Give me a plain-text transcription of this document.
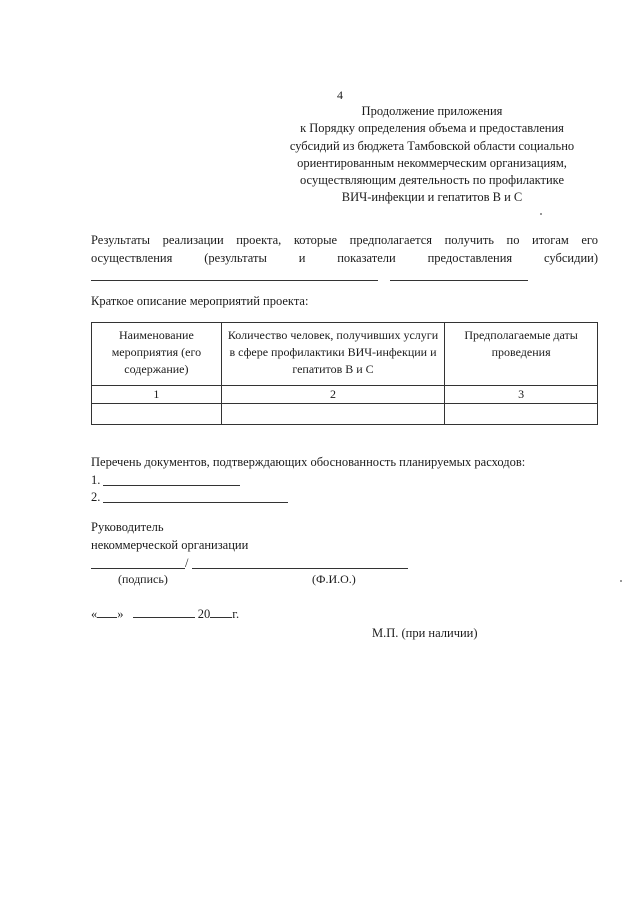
4
Продолжение приложения
к Порядку определения объема и предоставления
субсидий из бюджета Тамбовской области социально
ориентированным некоммерческим организациям,
осуществляющим деятельность по профилактике
ВИЧ-инфекции и гепатитов В и С
Результаты реализации проекта, которые предполагается получить по итогам его
осуществления	(результаты	и	показатели	предоставления	субсидии)
Краткое описание мероприятий проекта:
Наименование мероприятия (его содержание)	Количество человек, получивших услуги в сфере профилактики ВИЧ-инфекции и гепатитов В и С	Предполагаемые даты проведения
1	2	3

Перечень документов, подтверждающих обоснованность планируемых расходов:
1.
2.
Руководитель
некоммерческой организации
/
(подпись)	(Ф.И.О.)
« »	20 г.
М.П. (при наличии)
